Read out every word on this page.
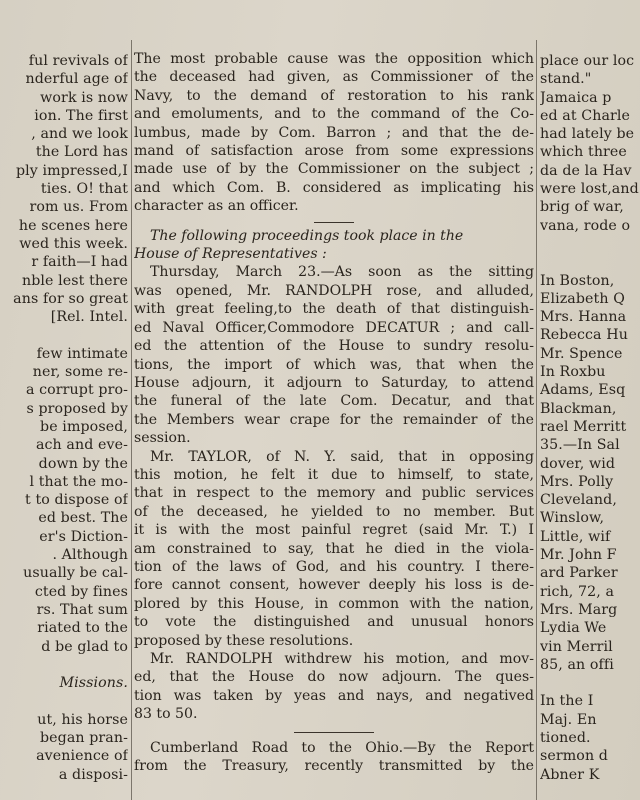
ful revivals of
nderful age of
work is now
ion. The first
, and we look
the Lord has
ply impressed,I
ties. O! that
rom us. From
he scenes here
wed this week.
r faith—I had
nble lest there
ans for so great
[Rel. Intel.

few intimate
ner, some re-
a corrupt pro-
s proposed by
be imposed,
ach and eve-
down by the
l that the mo-
t to dispose of
ed best. The
er's Diction-
. Although
usually be cal-
cted by fines
rs. That sum
riated to the
d be glad to

Missions.

ut, his horse
began pran-
avenience of
a disposi-
The most probable cause was the opposition which
the deceased had given, as Commissioner of the
Navy, to the demand of restoration to his rank
and emoluments, and to the command of the Co-
lumbus, made by Com. Barron ; and that the de-
mand of satisfaction arose from some expressions
made use of by the Commissioner on the subject ;
and which Com. B. considered as implicating his
character as an officer.
The following proceedings took place in the
House of Representatives :
Thursday, March 23.—As soon as the sitting
was opened, Mr. RANDOLPH rose, and alluded,
with great feeling,to the death of that distinguish-
ed Naval Officer,Commodore DECATUR ; and call-
ed the attention of the House to sundry resolu-
tions, the import of which was, that when the
House adjourn, it adjourn to Saturday, to attend
the funeral of the late Com. Decatur, and that
the Members wear crape for the remainder of the
session.
Mr. TAYLOR, of N. Y. said, that in opposing
this motion, he felt it due to himself, to state,
that in respect to the memory and public services
of the deceased, he yielded to no member. But
it is with the most painful regret (said Mr. T.) I
am constrained to say, that he died in the viola-
tion of the laws of God, and his country. I there-
fore cannot consent, however deeply his loss is de-
plored by this House, in common with the nation,
to vote the distinguished and unusual honors
proposed by these resolutions.
Mr. RANDOLPH withdrew his motion, and mov-
ed, that the House do now adjourn. The ques-
tion was taken by yeas and nays, and negatived
83 to 50.
Cumberland Road to the Ohio.—By the Report
from the Treasury, recently transmitted by the
place our loc
stand."
Jamaica p
ed at Charle
had lately be
which three
da de la Hav
were lost,and
brig of war,
vana, rode o

In Boston,
Elizabeth Q
Mrs. Hanna
Rebecca Hu
Mr. Spence
In Roxbu
Adams, Esq
Blackman,
rael Merritt
35.—In Sal
dover, wid
Mrs. Polly
Cleveland,
Winslow,
Little, wif
Mr. John F
ard Parker
rich, 72, a
Mrs. Marg
Lydia We
vin Merril
85, an offi

In the I
Maj. En
tioned.
sermon d
Abner K
